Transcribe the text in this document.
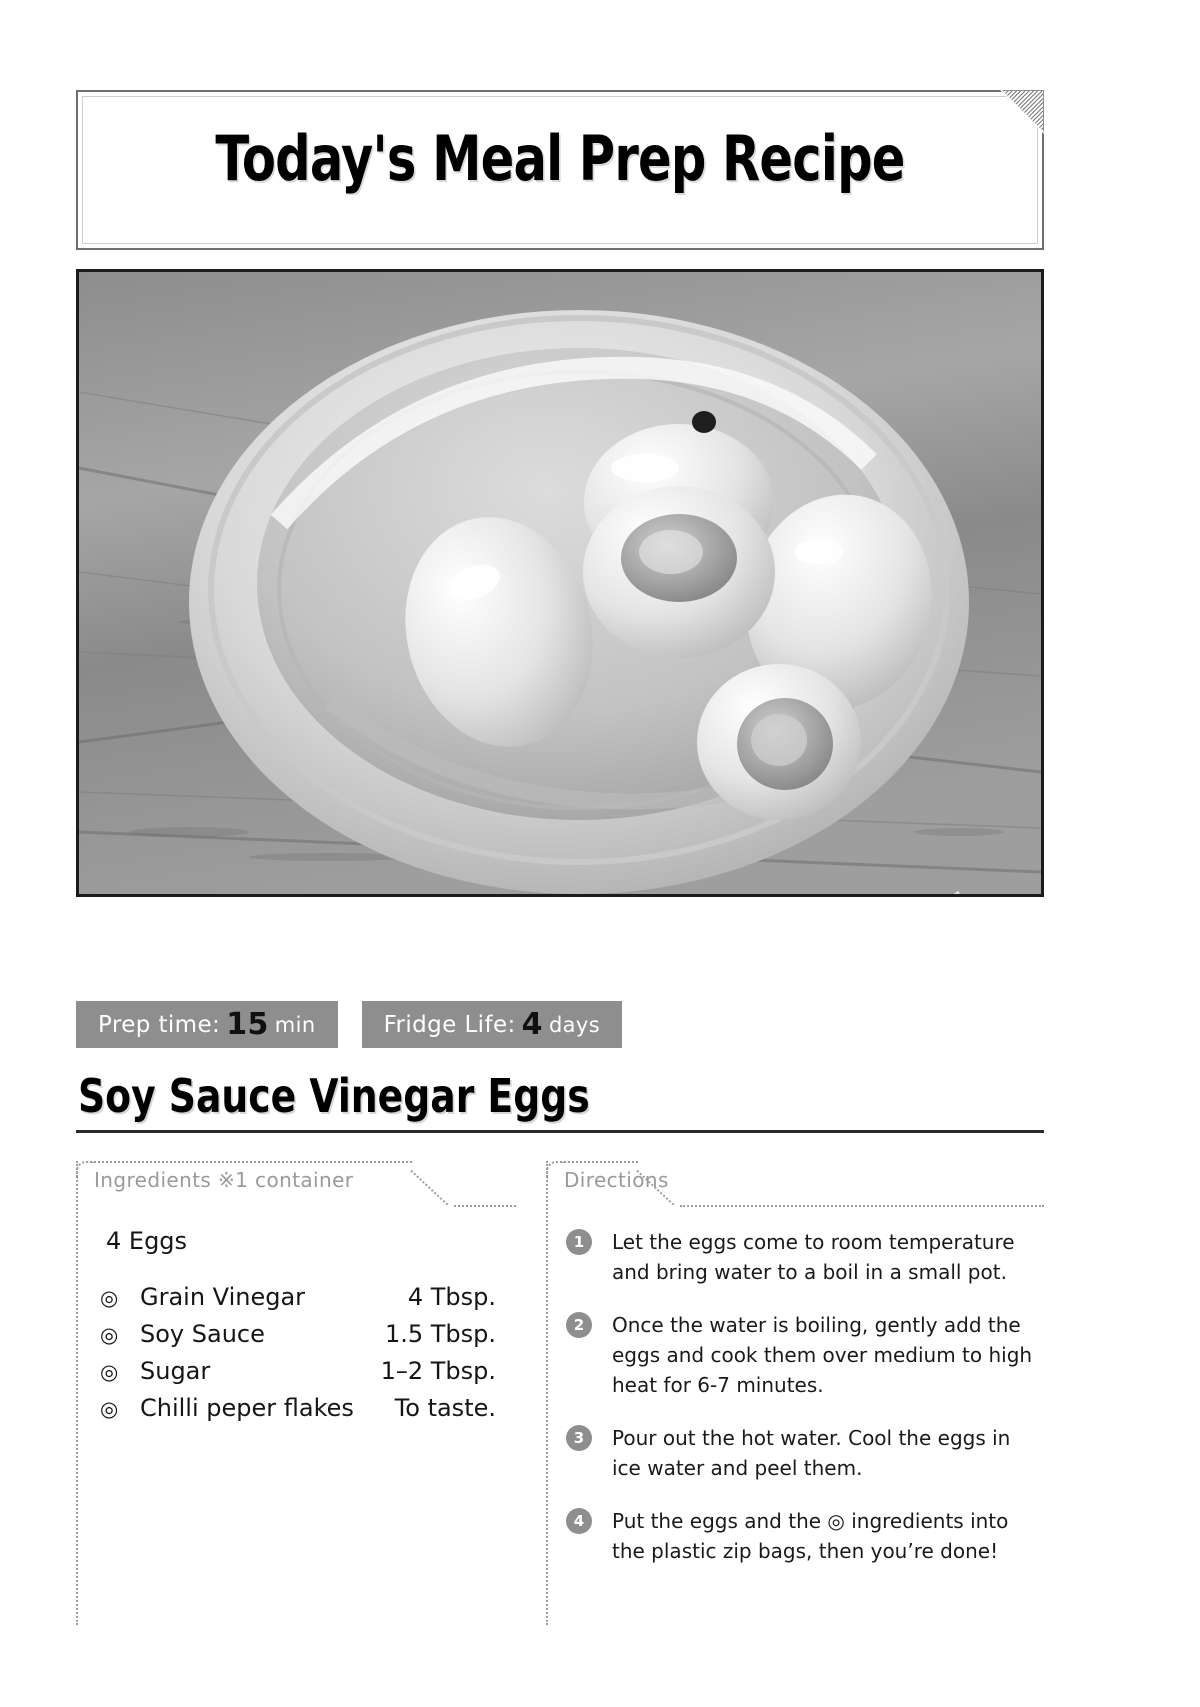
Today's Meal Prep Recipe
Prep time: 15 min	Fridge Life: 4 days
Soy Sauce Vinegar Eggs
Ingredients ※1 container
4 Eggs
◎ Grain Vinegar	4 Tbsp.
◎ Soy Sauce	1.5 Tbsp.
◎ Sugar	1–2 Tbsp.
◎ Chilli peper flakes	To taste.
Directions
1	Let the eggs come to room temperature and bring water to a boil in a small pot.
2	Once the water is boiling, gently add the eggs and cook them over medium to high heat for 6-7 minutes.
3	Pour out the hot water. Cool the eggs in ice water and peel them.
4	Put the eggs and the ◎ ingredients into the plastic zip bags, then you’re done!
